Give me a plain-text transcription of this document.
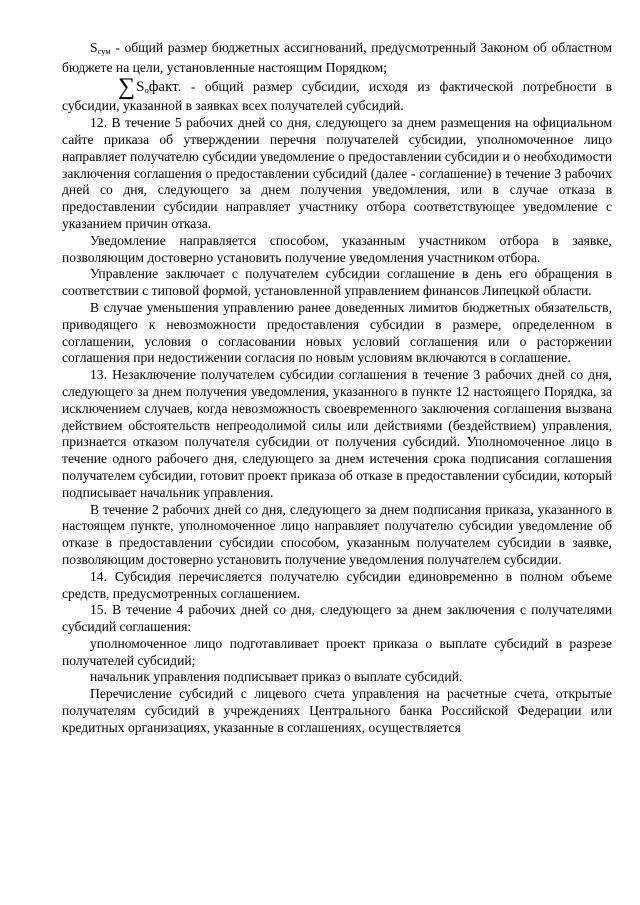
$S_{сум}$ - общий размер бюджетных ассигнований, предусмотренный Законом об областном бюджете на цели, установленные настоящим Порядком;

$\sum S_офакт$. - общий размер субсидии, исходя из фактической потребности в субсидии, указанной в заявках всех получателей субсидий.

12. В течение 5 рабочих дней со дня, следующего за днем размещения на официальном сайте приказа об утверждении перечня получателей субсидии, уполномоченное лицо направляет получателю субсидии уведомление о предоставлении субсидии и о необходимости заключения соглашения о предоставлении субсидий (далее - соглашение) в течение 3 рабочих дней со дня, следующего за днем получения уведомления, или в случае отказа в предоставлении субсидии направляет участнику отбора соответствующее уведомление с указанием причин отказа.

Уведомление направляется способом, указанным участником отбора в заявке, позволяющим достоверно установить получение уведомления участником отбора.

Управление заключает с получателем субсидии соглашение в день его обращения в соответствии с типовой формой, установленной управлением финансов Липецкой области.

В случае уменьшения управлению ранее доведенных лимитов бюджетных обязательств, приводящего к невозможности предоставления субсидии в размере, определенном в соглашении, условия о согласовании новых условий соглашения или о расторжении соглашения при недостижении согласия по новым условиям включаются в соглашение.

13. Незаключение получателем субсидии соглашения в течение 3 рабочих дней со дня, следующего за днем получения уведомления, указанного в пункте 12 настоящего Порядка, за исключением случаев, когда невозможность своевременного заключения соглашения вызвана действием обстоятельств непреодолимой силы или действиями (бездействием) управления, признается отказом получателя субсидии от получения субсидий. Уполномоченное лицо в течение одного рабочего дня, следующего за днем истечения срока подписания соглашения получателем субсидии, готовит проект приказа об отказе в предоставлении субсидии, который подписывает начальник управления.

В течение 2 рабочих дней со дня, следующего за днем подписания приказа, указанного в настоящем пункте, уполномоченное лицо направляет получателю субсидии уведомление об отказе в предоставлении субсидии способом, указанным получателем субсидии в заявке, позволяющим достоверно установить получение уведомления получателем субсидии.

14. Субсидия перечисляется получателю субсидии единовременно в полном объеме средств, предусмотренных соглашением.

15. В течение 4 рабочих дней со дня, следующего за днем заключения с получателями субсидий соглашения:

уполномоченное лицо подготавливает проект приказа о выплате субсидий в разрезе получателей субсидий;

начальник управления подписывает приказ о выплате субсидий.

Перечисление субсидий с лицевого счета управления на расчетные счета, открытые получателям субсидий в учреждениях Центрального банка Российской Федерации или кредитных организациях, указанные в соглашениях, осуществляется
